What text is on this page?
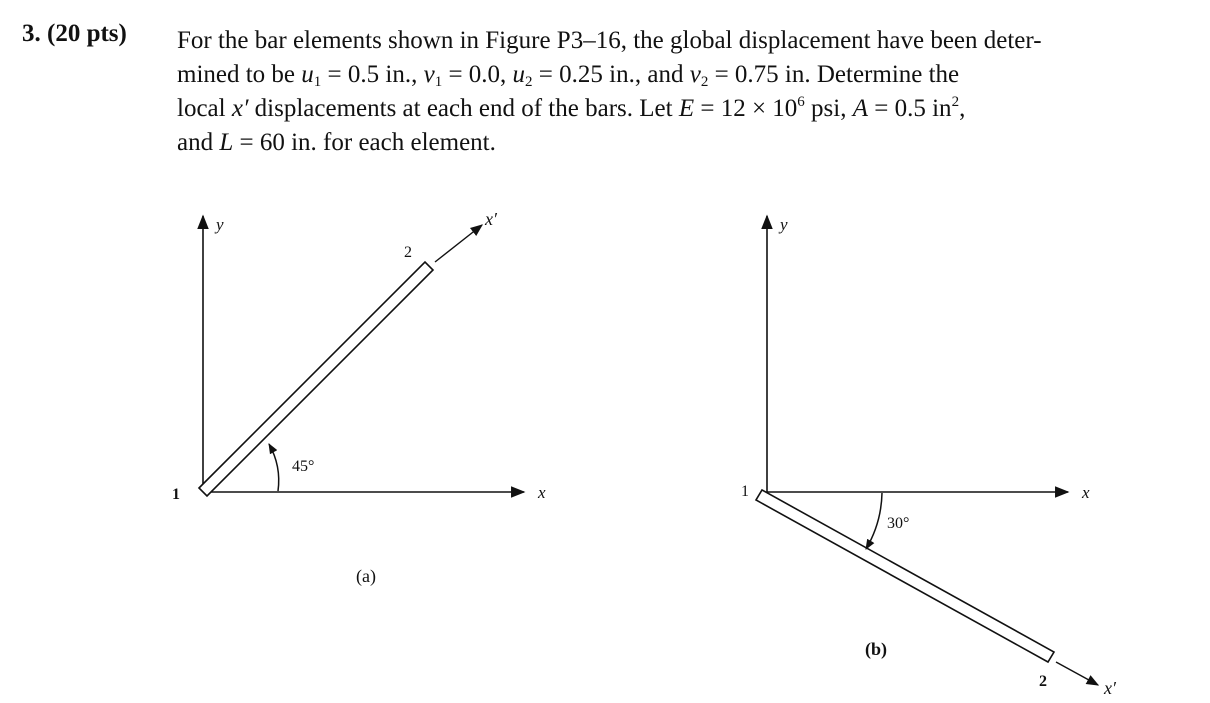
3. (20 pts) For the bar elements shown in Figure P3–16, the global displacement have been deter-
mined to be $u_1 = 0.5$ in., $v_1 = 0.0$, $u_2 = 0.25$ in., and $v_2 = 0.75$ in. Determine the
local x′ displacements at each end of the bars. Let $E = 12 \times 10^6$ psi, A = 0.5 $in^2$,
and L = 60 in. for each element.
y
x
x′
1
2
45°
(a)
y
x
x′
1
2
30°
(b)
